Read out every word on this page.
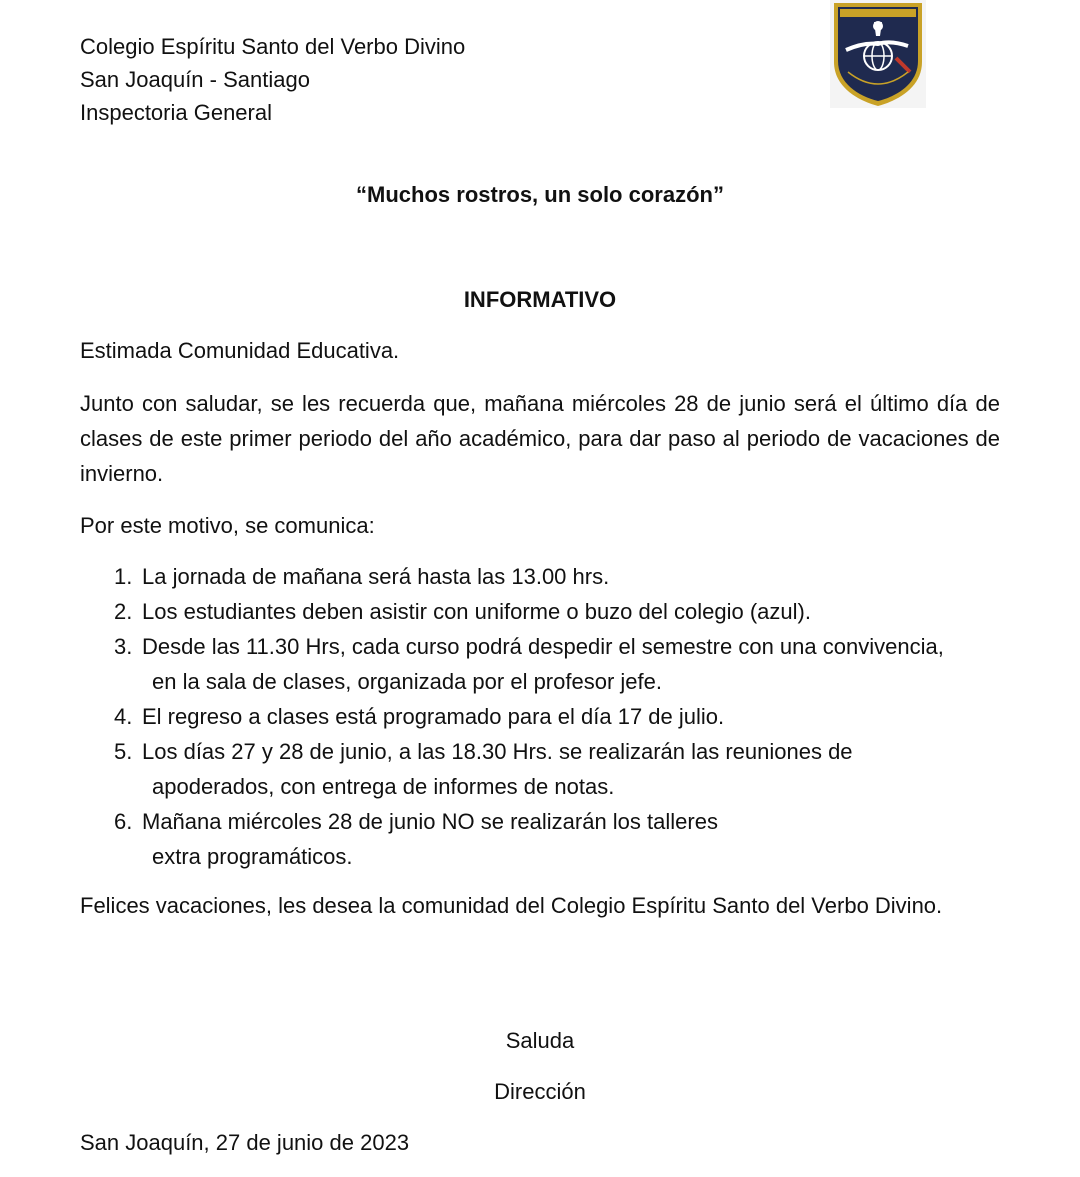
Colegio Espíritu Santo del Verbo Divino
San Joaquín - Santiago
Inspectoria General
“Muchos rostros, un solo corazón”
INFORMATIVO
Estimada Comunidad Educativa.
Junto con saludar, se les recuerda que, mañana miércoles 28 de junio será el último día de clases de este primer periodo del año académico, para dar paso al periodo de vacaciones de invierno.
Por este motivo, se comunica:
1. La jornada de mañana será hasta las 13.00 hrs.
2. Los estudiantes deben asistir con uniforme o buzo del colegio (azul).
3. Desde las 11.30 Hrs, cada curso podrá despedir el semestre con una convivencia,
en la sala de clases, organizada por el profesor jefe.
4. El regreso a clases está programado para el día 17 de julio.
5. Los días 27 y 28 de junio, a las 18.30 Hrs. se realizarán las reuniones de
apoderados, con entrega de informes de notas.
6. Mañana miércoles 28 de junio NO se realizarán los talleres
extra programáticos.
Felices vacaciones, les desea la comunidad del Colegio Espíritu Santo del Verbo Divino.
Saluda
Dirección
San Joaquín, 27 de junio de 2023
